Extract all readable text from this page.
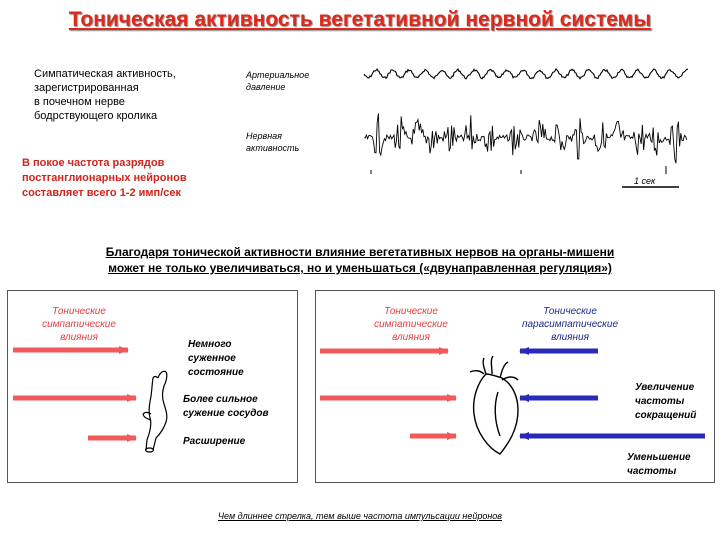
Тоническая активность вегетативной нервной системы
Симпатическая активность,
зарегистрированная
в почечном нерве
бодрствующего кролика
В покое частота разрядов
постганглионарных нейронов
составляет всего 1-2 имп/сек
Артериальное
давление
Нервная
активность
1 сек
Благодаря тонической активности влияние вегетативных нервов на органы-мишени
может не только увеличиваться, но и уменьшаться («двунаправленная регуляция»)
Тонические
симпатические
влияния
Немного
суженное
состояние
Более сильное
сужение сосудов
Расширение
Тонические
симпатические
влияния
Тонические
парасимпатические
влияния
Увеличение
частоты
сокращений
Уменьшение
частоты
Чем длиннее стрелка, тем выше частота импульсации нейронов
